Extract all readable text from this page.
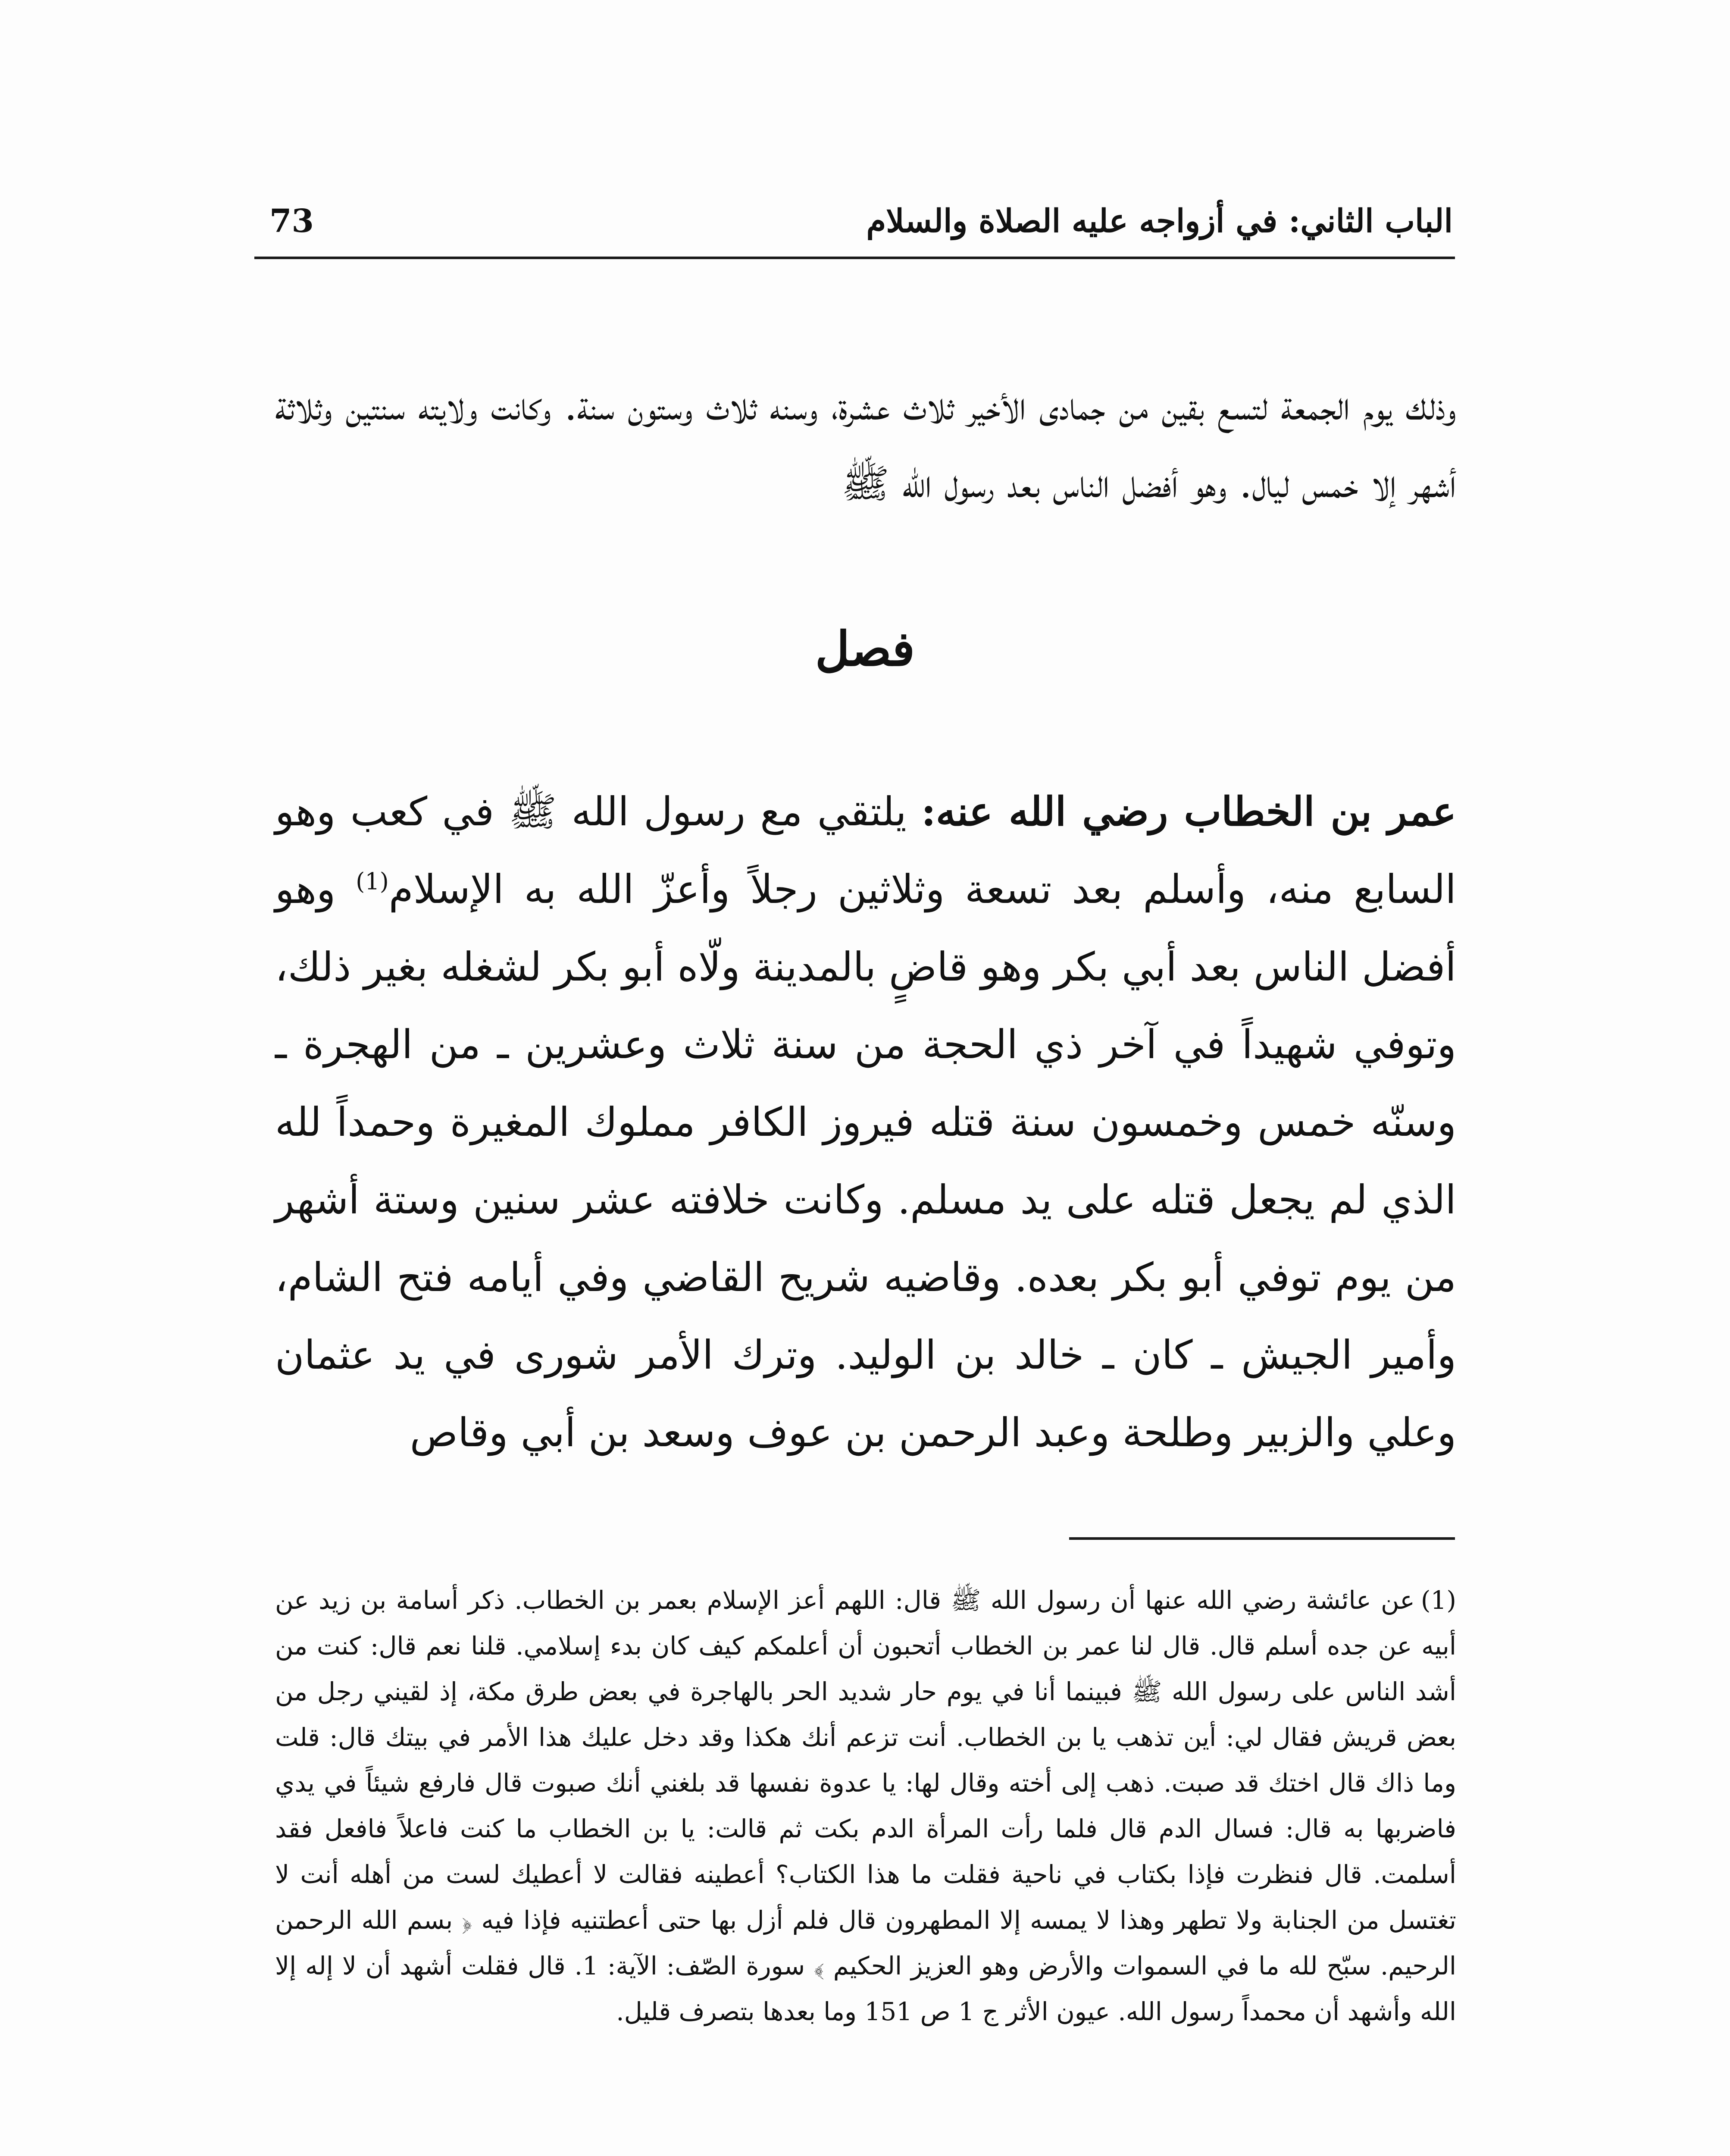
الباب الثاني: في أزواجه عليه الصلاة والسلام
73

وذلك يوم الجمعة لتسع بقين من جمادى الأخير ثلاث عشرة، وسنه ثلاث وستون سنة. وكانت ولايته سنتين وثلاثة أشهر إلا خمس ليال. وهو أفضل الناس بعد رسول الله ﷺ

فصل

عمر بن الخطاب رضي الله عنه: يلتقي مع رسول الله ﷺ في كعب وهو السابع منه، وأسلم بعد تسعة وثلاثين رجلاً وأعزّ الله به الإسلام$^{(1)}$ وهو أفضل الناس بعد أبي بكر وهو قاضٍ بالمدينة ولّاه أبو بكر لشغله بغير ذلك، وتوفي شهيداً في آخر ذي الحجة من سنة ثلاث وعشرين ـ من الهجرة ـ وسنّه خمس وخمسون سنة قتله فيروز الكافر مملوك المغيرة وحمداً لله الذي لم يجعل قتله على يد مسلم. وكانت خلافته عشر سنين وستة أشهر من يوم توفي أبو بكر بعده. وقاضيه شريح القاضي وفي أيامه فتح الشام، وأمير الجيش ـ كان ـ خالد بن الوليد. وترك الأمر شورى في يد عثمان وعلي والزبير وطلحة وعبد الرحمن بن عوف وسعد بن أبي وقاص

(1)عن عائشة رضي الله عنها أن رسول الله ﷺ قال: اللهم أعز الإسلام بعمر بن الخطاب. ذكر أسامة بن زيد عن أبيه عن جده أسلم قال. قال لنا عمر بن الخطاب أتحبون أن أعلمكم كيف كان بدء إسلامي. قلنا نعم قال: كنت من أشد الناس على رسول الله ﷺ فبينما أنا في يوم حار شديد الحر بالهاجرة في بعض طرق مكة، إذ لقيني رجل من بعض قريش فقال لي: أين تذهب يا بن الخطاب. أنت تزعم أنك هكذا وقد دخل عليك هذا الأمر في بيتك قال: قلت وما ذاك قال اختك قد صبت. ذهب إلى أخته وقال لها: يا عدوة نفسها قد بلغني أنك صبوت قال فارفع شيئاً في يدي فاضربها به قال: فسال الدم قال فلما رأت المرأة الدم بكت ثم قالت: يا بن الخطاب ما كنت فاعلاً فافعل فقد أسلمت. قال فنظرت فإذا بكتاب في ناحية فقلت ما هذا الكتاب؟ أعطينه فقالت لا أعطيك لست من أهله أنت لا تغتسل من الجنابة ولا تطهر وهذا لا يمسه إلا المطهرون قال فلم أزل بها حتى أعطتنيه فإذا فيه ﴿ بسم الله الرحمن الرحيم. سبّح لله ما في السموات والأرض وهو العزيز الحكيم ﴾ سورة الصّف: الآية: 1. قال فقلت أشهد أن لا إله إلا الله وأشهد أن محمداً رسول الله. عيون الأثر ج 1 ص 151 وما بعدها بتصرف قليل.
